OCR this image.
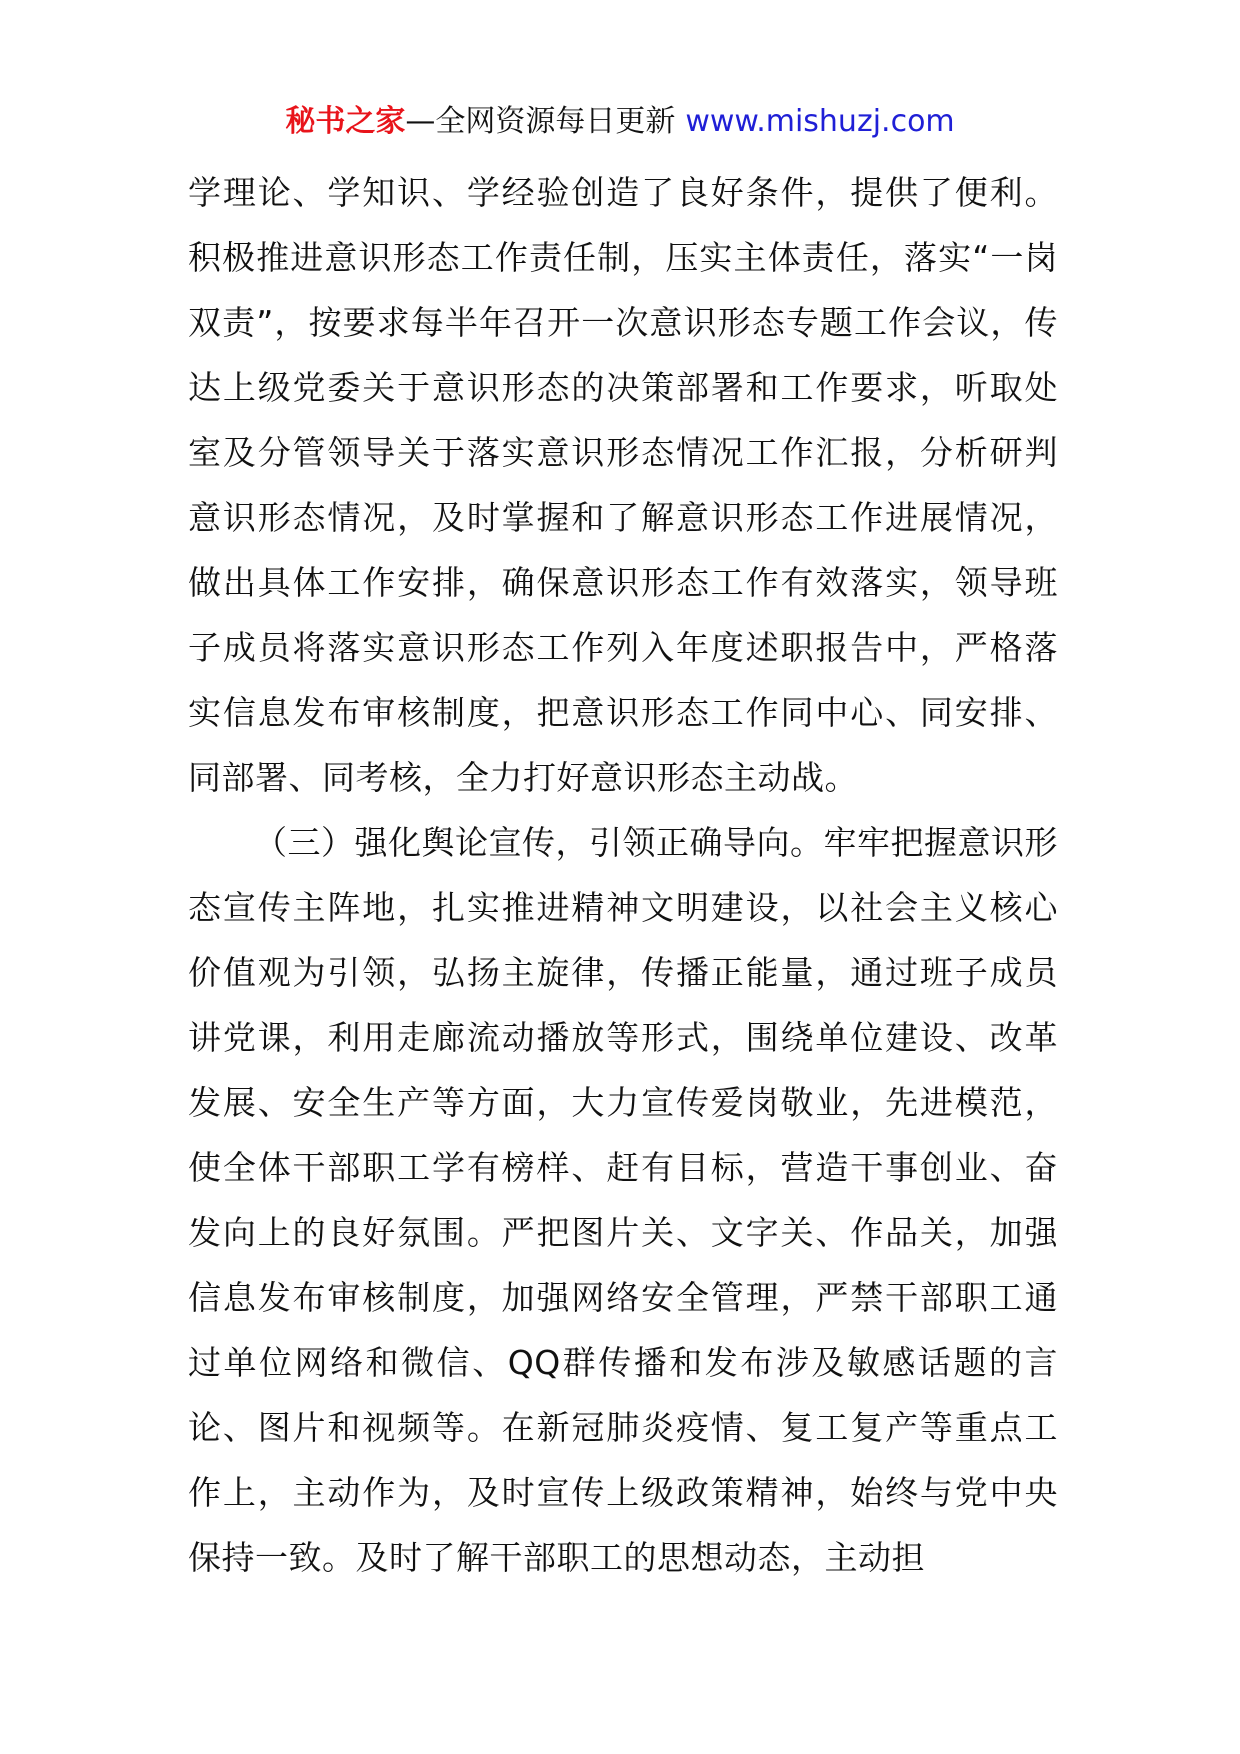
秘书之家—全网资源每日更新 www.mishuzj.com

学理论、学知识、学经验创造了良好条件，提供了便利。积极推进意识形态工作责任制，压实主体责任，落实“一岗双责”，按要求每半年召开一次意识形态专题工作会议，传达上级党委关于意识形态的决策部署和工作要求，听取处室及分管领导关于落实意识形态情况工作汇报，分析研判意识形态情况，及时掌握和了解意识形态工作进展情况，做出具体工作安排，确保意识形态工作有效落实，领导班子成员将落实意识形态工作列入年度述职报告中，严格落实信息发布审核制度，把意识形态工作同中心、同安排、同部署、同考核，全力打好意识形态主动战。

（三）强化舆论宣传，引领正确导向。牢牢把握意识形态宣传主阵地，扎实推进精神文明建设，以社会主义核心价值观为引领，弘扬主旋律，传播正能量，通过班子成员讲党课，利用走廊流动播放等形式，围绕单位建设、改革发展、安全生产等方面，大力宣传爱岗敬业，先进模范，使全体干部职工学有榜样、赶有目标，营造干事创业、奋发向上的良好氛围。严把图片关、文字关、作品关，加强信息发布审核制度，加强网络安全管理，严禁干部职工通过单位网络和微信、QQ群传播和发布涉及敏感话题的言论、图片和视频等。在新冠肺炎疫情、复工复产等重点工作上，主动作为，及时宣传上级政策精神，始终与党中央保持一致。及时了解干部职工的思想动态，主动担
